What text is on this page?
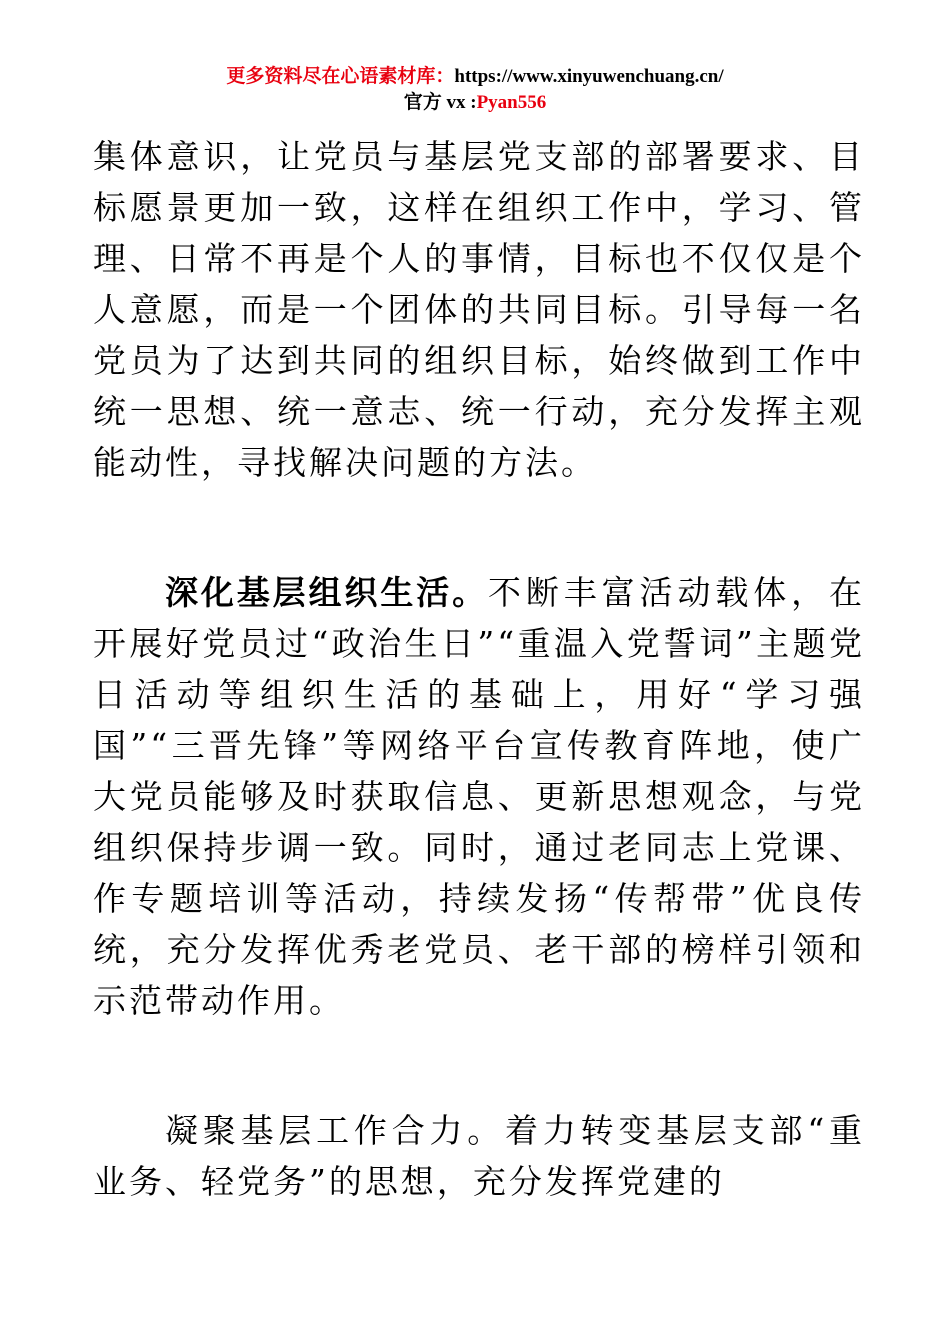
更多资料尽在心语素材库：https://www.xinyuwenchuang.cn/
官方 vx :Pyan556

集体意识，让党员与基层党支部的部署要求、目标愿景更加一致，这样在组织工作中，学习、管理、日常不再是个人的事情，目标也不仅仅是个人意愿，而是一个团体的共同目标。引导每一名党员为了达到共同的组织目标，始终做到工作中统一思想、统一意志、统一行动，充分发挥主观能动性，寻找解决问题的方法。

深化基层组织生活。不断丰富活动载体，在开展好党员过“政治生日”“重温入党誓词”主题党日活动等组织生活的基础上，用好“学习强国”“三晋先锋”等网络平台宣传教育阵地，使广大党员能够及时获取信息、更新思想观念，与党组织保持步调一致。同时，通过老同志上党课、作专题培训等活动，持续发扬“传帮带”优良传统，充分发挥优秀老党员、老干部的榜样引领和示范带动作用。

凝聚基层工作合力。着力转变基层支部“重业务、轻党务”的思想，充分发挥党建的
